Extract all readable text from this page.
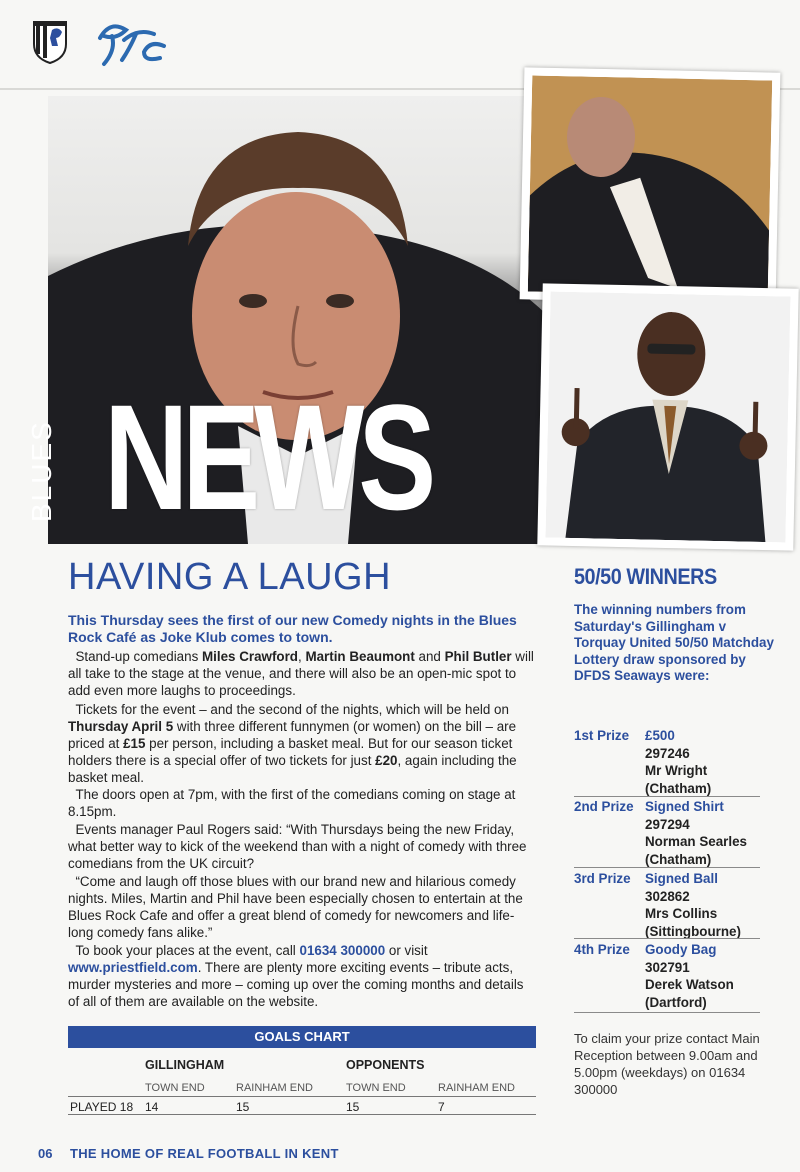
BLUES NEWS
HAVING A LAUGH
This Thursday sees the first of our new Comedy nights in the Blues Rock Café as Joke Klub comes to town.
Stand-up comedians Miles Crawford, Martin Beaumont and Phil Butler will all take to the stage at the venue, and there will also be an open-mic spot to add even more laughs to proceedings.
Tickets for the event – and the second of the nights, which will be held on Thursday April 5 with three different funnymen (or women) on the bill – are priced at £15 per person, including a basket meal. But for our season ticket holders there is a special offer of two tickets for just £20, again including the basket meal.
The doors open at 7pm, with the first of the comedians coming on stage at 8.15pm.
Events manager Paul Rogers said: “With Thursdays being the new Friday, what better way to kick of the weekend than with a night of comedy with three comedians from the UK circuit?
“Come and laugh off those blues with our brand new and hilarious comedy nights. Miles, Martin and Phil have been especially chosen to entertain at the Blues Rock Cafe and offer a great blend of comedy for newcomers and life-long comedy fans alike.”
To book your places at the event, call 01634 300000 or visit www.priestfield.com. There are plenty more exciting events – tribute acts, murder mysteries and more – coming up over the coming months and details of all of them are available on the website.
GOALS CHART
GILLINGHAM	OPPONENTS
TOWN END	RAINHAM END	TOWN END	RAINHAM END
PLAYED 18 14	15	15	7
50/50 WINNERS
The winning numbers from Saturday's Gillingham v Torquay United 50/50 Matchday Lottery draw sponsored by DFDS Seaways were:
1st Prize £500
297246
Mr Wright
(Chatham)
2nd Prize Signed Shirt
297294
Norman Searles
(Chatham)
3rd Prize Signed Ball
302862
Mrs Collins
(Sittingbourne)
4th Prize Goody Bag
302791
Derek Watson
(Dartford)
To claim your prize contact Main Reception between 9.00am and 5.00pm (weekdays) on 01634 300000
06 THE HOME OF REAL FOOTBALL IN KENT
